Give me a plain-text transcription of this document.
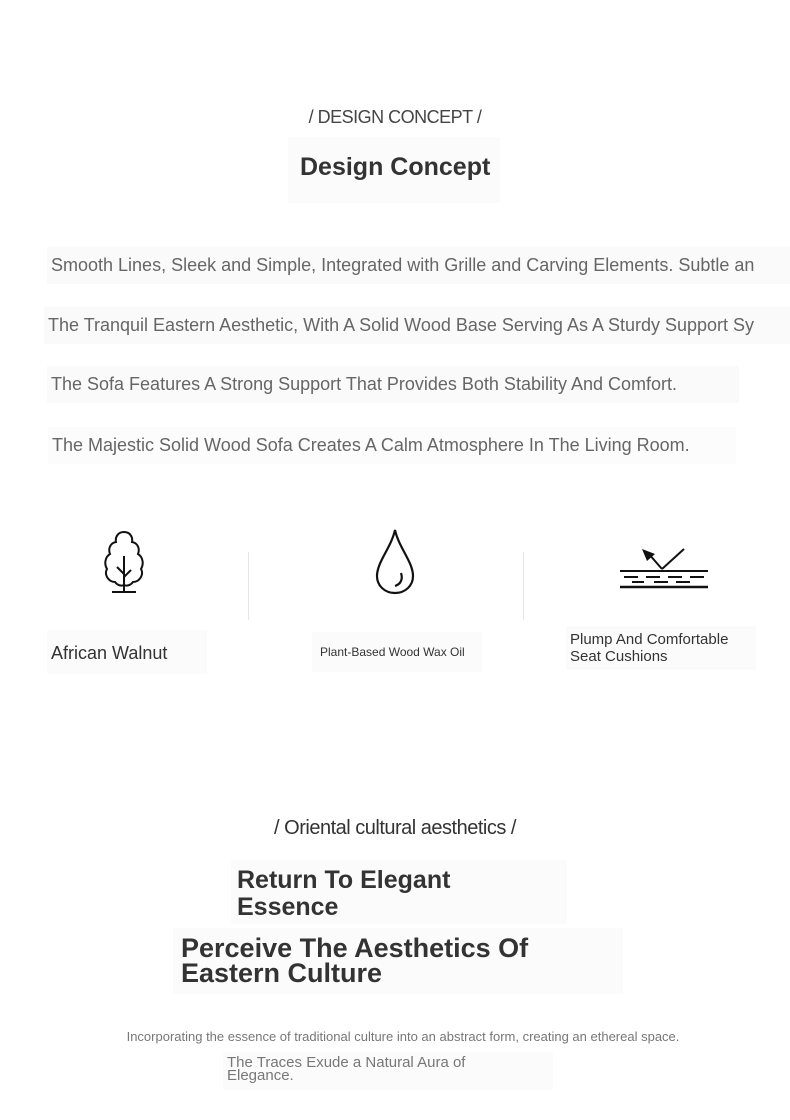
/ DESIGN CONCEPT /
Design Concept
Smooth Lines, Sleek and Simple, Integrated with Grille and Carving Elements. Subtle an
The Tranquil Eastern Aesthetic, With A Solid Wood Base Serving As A Sturdy Support Sy
The Sofa Features A Strong Support That Provides Both Stability And Comfort.
The Majestic Solid Wood Sofa Creates A Calm Atmosphere In The Living Room.
African Walnut	Plant-Based Wood Wax Oil
Plump And Comfortable Seat Cushions
/ Oriental cultural aesthetics /
Return To Elegant Essence
Perceive The Aesthetics Of Eastern Culture
Incorporating the essence of traditional culture into an abstract form, creating an ethereal space.
The Traces Exude a Natural Aura of Elegance.
